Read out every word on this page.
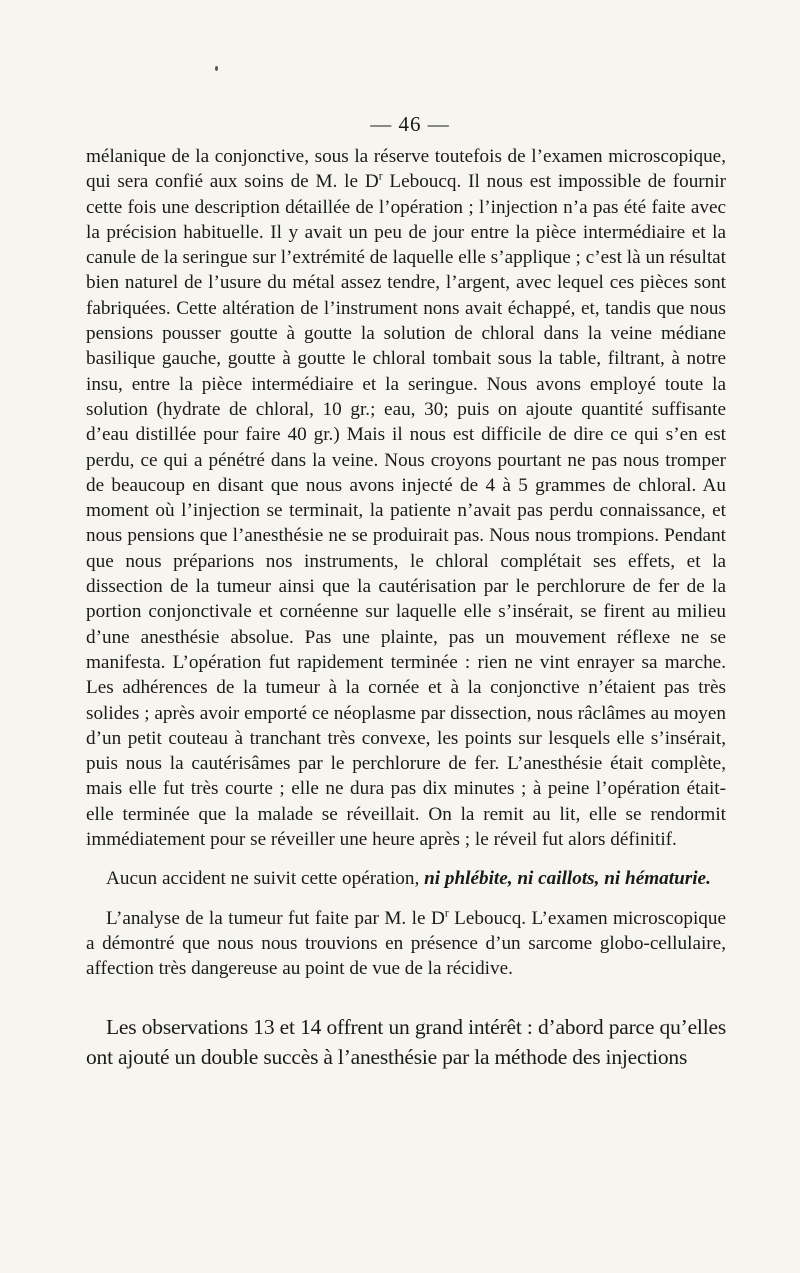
— 46 —

mélanique de la conjonctive, sous la réserve toutefois de l’examen microscopique, qui sera confié aux soins de M. le $D^r$ Leboucq. Il nous est impossible de fournir cette fois une description détaillée de l’opération ; l’injection n’a pas été faite avec la précision habituelle. Il y avait un peu de jour entre la pièce intermédiaire et la canule de la seringue sur l’extrémité de laquelle elle s’applique ; c’est là un résultat bien naturel de l’usure du métal assez tendre, l’argent, avec lequel ces pièces sont fabriquées. Cette altération de l’instrument nons avait échappé, et, tandis que nous pensions pousser goutte à goutte la solution de chloral dans la veine médiane basilique gauche, goutte à goutte le chloral tombait sous la table, filtrant, à notre insu, entre la pièce intermédiaire et la seringue. Nous avons employé toute la solution (hydrate de chloral, 10 gr.; eau, 30; puis on ajoute quantité suffisante d’eau distillée pour faire 40 gr.) Mais il nous est difficile de dire ce qui s’en est perdu, ce qui a pénétré dans la veine. Nous croyons pourtant ne pas nous tromper de beaucoup en disant que nous avons injecté de 4 à 5 grammes de chloral. Au moment où l’injection se terminait, la patiente n’avait pas perdu connaissance, et nous pensions que l’anesthésie ne se produirait pas. Nous nous trompions. Pendant que nous préparions nos instruments, le chloral complétait ses effets, et la dissection de la tumeur ainsi que la cautérisation par le perchlorure de fer de la portion conjonctivale et cornéenne sur laquelle elle s’insérait, se firent au milieu d’une anesthésie absolue. Pas une plainte, pas un mouvement réflexe ne se manifesta. L’opération fut rapidement terminée : rien ne vint enrayer sa marche. Les adhérences de la tumeur à la cornée et à la conjonctive n’étaient pas très solides ; après avoir emporté ce néoplasme par dissection, nous râclâmes au moyen d’un petit couteau à tranchant très convexe, les points sur lesquels elle s’insérait, puis nous la cautérisâmes par le perchlorure de fer. L’anesthésie était complète, mais elle fut très courte ; elle ne dura pas dix minutes ; à peine l’opération était-elle terminée que la malade se réveillait. On la remit au lit, elle se rendormit immédiatement pour se réveiller une heure après ; le réveil fut alors définitif.

Aucun accident ne suivit cette opération, ni phlébite, ni caillots, ni hématurie.

L’analyse de la tumeur fut faite par M. le $D^r$ Leboucq. L’examen microscopique a démontré que nous nous trouvions en présence d’un sarcome globo-cellulaire, affection très dangereuse au point de vue de la récidive.

Les observations 13 et 14 offrent un grand intérêt : d’abord parce qu’elles ont ajouté un double succès à l’anesthésie par la méthode des injections
